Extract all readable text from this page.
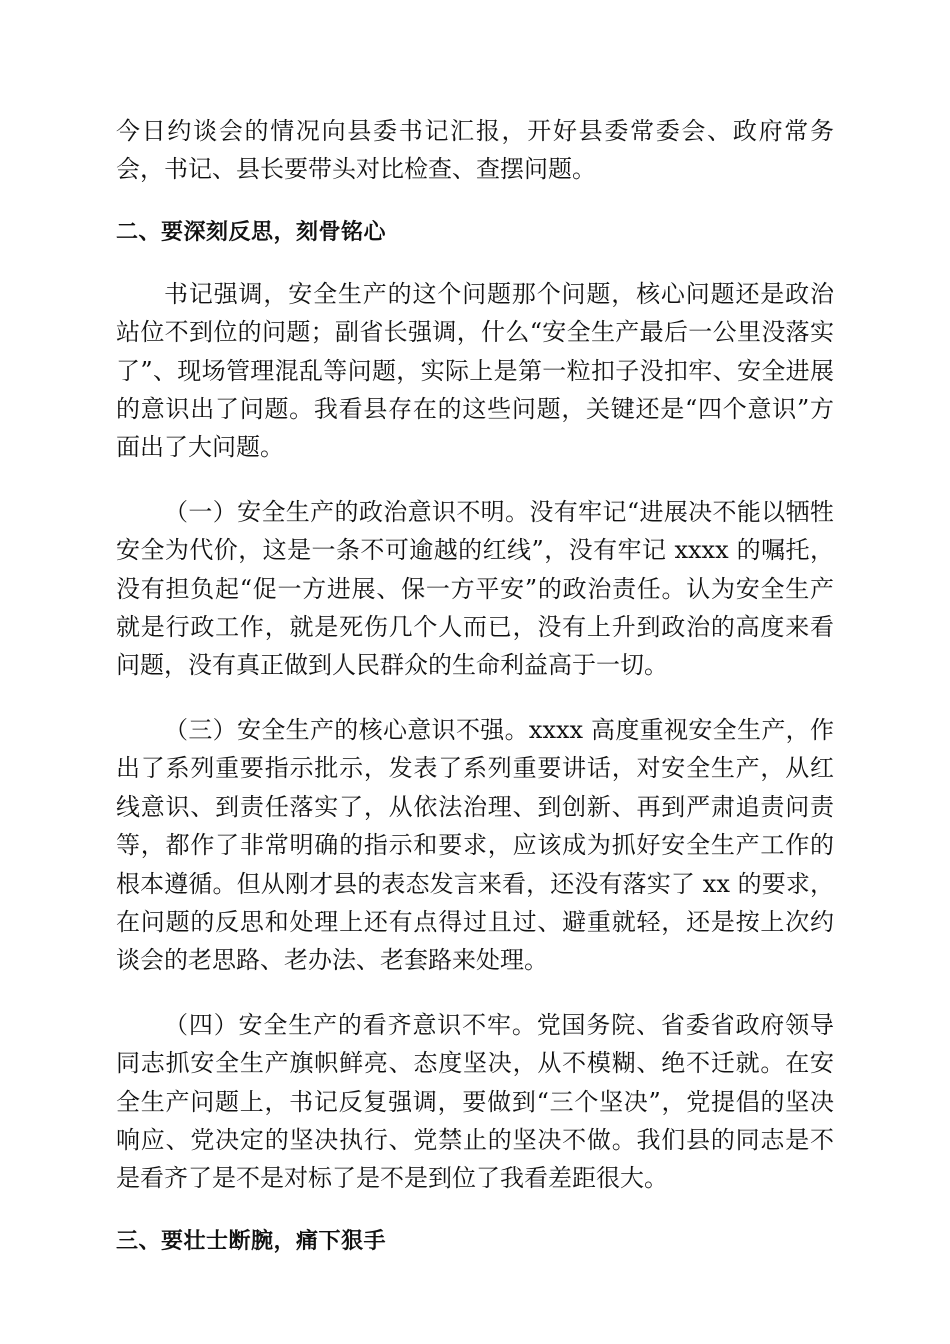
今日约谈会的情况向县委书记汇报，开好县委常委会、政府常务会，书记、县长要带头对比检查、查摆问题。

二、要深刻反思，刻骨铭心

书记强调，安全生产的这个问题那个问题，核心问题还是政治站位不到位的问题；副省长强调，什么“安全生产最后一公里没落实了”、现场管理混乱等问题，实际上是第一粒扣子没扣牢、安全进展的意识出了问题。我看县存在的这些问题，关键还是“四个意识”方面出了大问题。

（一）安全生产的政治意识不明。没有牢记“进展决不能以牺牲安全为代价，这是一条不可逾越的红线”，没有牢记 xxxx 的嘱托，没有担负起“促一方进展、保一方平安”的政治责任。认为安全生产就是行政工作，就是死伤几个人而已，没有上升到政治的高度来看问题，没有真正做到人民群众的生命利益高于一切。

（三）安全生产的核心意识不强。xxxx 高度重视安全生产，作出了系列重要指示批示，发表了系列重要讲话，对安全生产，从红线意识、到责任落实了，从依法治理、到创新、再到严肃追责问责等，都作了非常明确的指示和要求，应该成为抓好安全生产工作的根本遵循。但从刚才县的表态发言来看，还没有落实了 xx 的要求，在问题的反思和处理上还有点得过且过、避重就轻，还是按上次约谈会的老思路、老办法、老套路来处理。

（四）安全生产的看齐意识不牢。党国务院、省委省政府领导同志抓安全生产旗帜鲜亮、态度坚决，从不模糊、绝不迁就。在安全生产问题上，书记反复强调，要做到“三个坚决”，党提倡的坚决响应、党决定的坚决执行、党禁止的坚决不做。我们县的同志是不是看齐了是不是对标了是不是到位了我看差距很大。

三、要壮士断腕，痛下狠手
